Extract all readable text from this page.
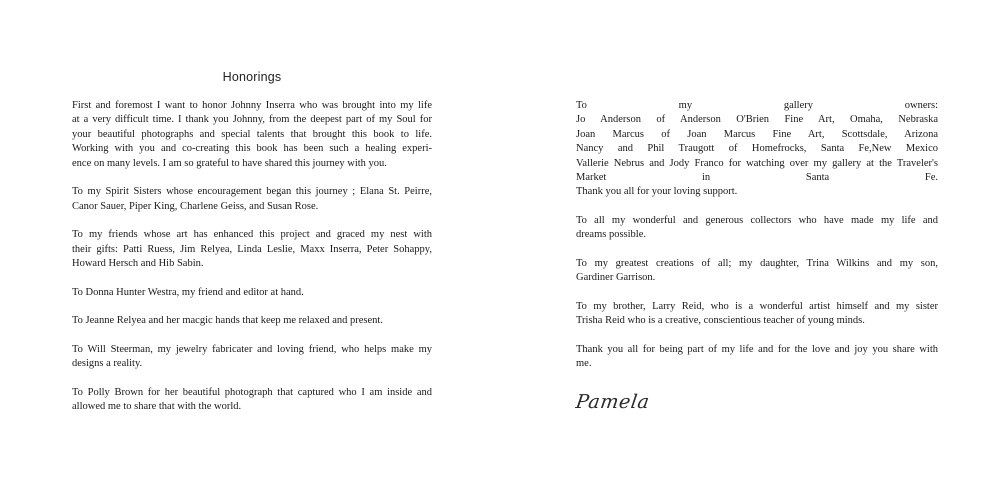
Honorings
First and foremost I want to honor Johnny Inserra who was brought into my life
at a very difficult time. I thank you Johnny, from the deepest part of my Soul for
your beautiful photographs and special talents that brought this book to life.
Working with you and co-creating this book has been such a healing experi-
ence on many levels. I am so grateful to have shared this journey with you.
To my Spirit Sisters whose encouragement began this journey ; Elana St. Peirre,
Canor Sauer, Piper King, Charlene Geiss, and Susan Rose.
To my friends whose art has enhanced this project and graced my nest with
their gifts: Patti Ruess, Jim Relyea, Linda Leslie, Maxx Inserra, Peter Sohappy,
Howard Hersch and Hib Sabin.
To Donna Hunter Westra, my friend and editor at hand.
To Jeanne Relyea and her macgic hands that keep me relaxed and present.
To Will Steerman, my jewelry fabricater and loving friend, who helps make my
designs a reality.
To Polly Brown for her beautiful photograph that captured who I am inside and
allowed me to share that with the world.
To my gallery owners:
Jo Anderson of Anderson O'Brien Fine Art, Omaha, Nebraska
Joan Marcus of Joan Marcus Fine Art, Scottsdale, Arizona
Nancy and Phil Traugott of Homefrocks, Santa Fe,New Mexico
Vallerie Nebrus and Jody Franco for watching over my gallery at the Traveler's
Market in Santa Fe.
Thank you all for your loving support.
To all my wonderful and generous collectors who have made my life and
dreams possible.
To my greatest creations of all; my daughter, Trina Wilkins and my son,
Gardiner Garrison.
To my brother, Larry Reid, who is a wonderful artist himself and my sister
Trisha Reid who is a creative, conscientious teacher of young minds.
Thank you all for being part of my life and for the love and joy you share with
me.
Pamela
